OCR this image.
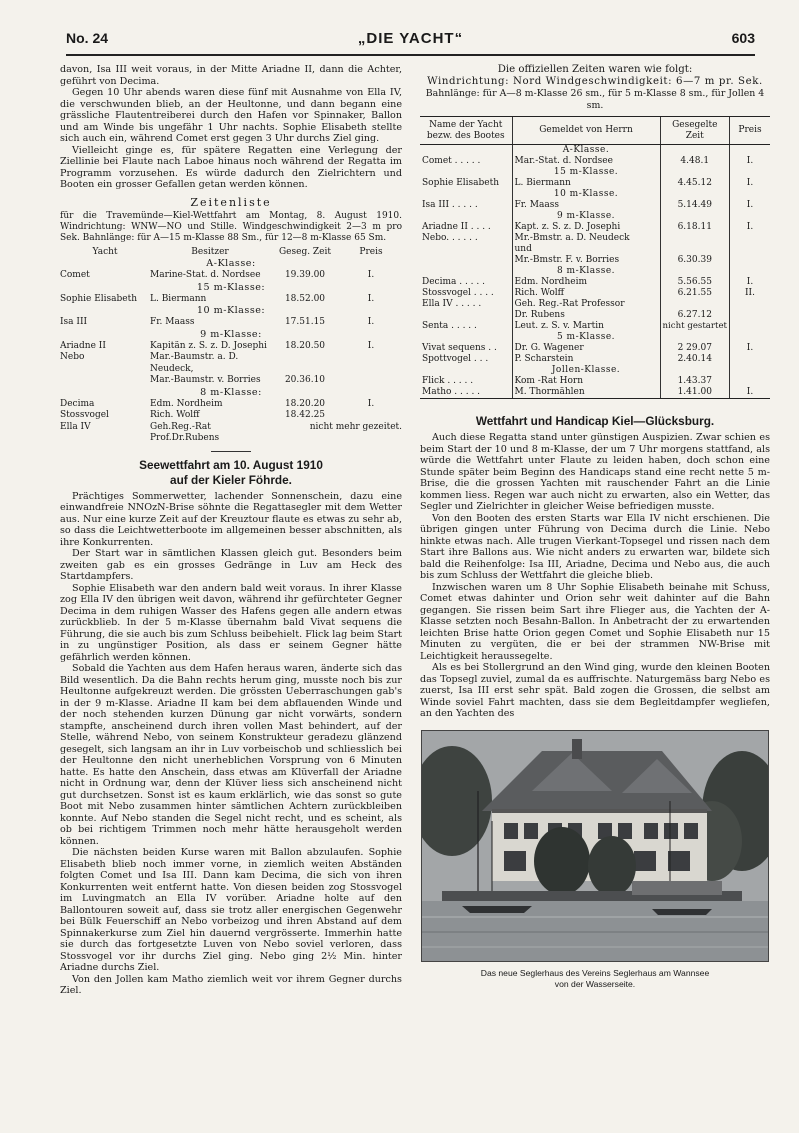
No. 24	„DIE YACHT“	603

davon, Isa III weit voraus, in der Mitte Ariadne II, dann die Achter, geführt von Decima.

Gegen 10 Uhr abends waren diese fünf mit Ausnahme von Ella IV, die verschwunden blieb, an der Heultonne, und dann begann eine grässliche Flautentreiberei durch den Hafen vor Spinnaker, Ballon und am Winde bis ungefähr 1 Uhr nachts. Sophie Elisabeth stellte sich auch ein, während Comet erst gegen 3 Uhr durchs Ziel ging.

Vielleicht ginge es, für spätere Regatten eine Verlegung der Ziellinie bei Flaute nach Laboe hinaus noch während der Regatta im Programm vorzusehen. Es würde dadurch den Zielrichtern und Booten ein grosser Gefallen getan werden können.

Zeitenliste

für die Travemünde—Kiel-Wettfahrt am Montag, 8. August 1910. Windrichtung: WNW—NO und Stille. Windgeschwindigkeit 2—3 m pro Sek. Bahnlänge: für A—15 m-Klasse 88 Sm., für 12—8 m-Klasse 65 Sm.

Yacht	Besitzer	Geseg. Zeit	Preis
A-Klasse:			
Comet	Marine-Stat. d. Nordsee	19.39.00	I.
15 m-Klasse:			
Sophie Elisabeth	L. Biermann	18.52.00	I.
10 m-Klasse:			
Isa III	Fr. Maass	17.51.15	I.
9 m-Klasse:			
Ariadne II	Kapitän z. S. z. D. Josephi	18.20.50	I.
Nebo	Mar.-Baumstr. a. D. Neudeck,		
	Mar.-Baumstr. v. Borries	20.36.10	
8 m-Klasse:			
Decima	Edm. Nordheim	18.20.20	I.
Stossvogel	Rich. Wolff	18.42.25	
Ella IV	Geh.Reg.-Rat Prof.Dr.Rubens	nicht mehr gezeitet.	
Seewettfahrt am 10. August 1910
auf der Kieler Föhrde.

Prächtiges Sommerwetter, lachender Sonnenschein, dazu eine einwandfreie NNOzN-Brise söhnte die Regattasegler mit dem Wetter aus. Nur eine kurze Zeit auf der Kreuztour flaute es etwas zu sehr ab, so dass die Leichtwetterboote im allgemeinen besser abschnitten, als ihre Konkurrenten.

Der Start war in sämtlichen Klassen gleich gut. Besonders beim zweiten gab es ein grosses Gedränge in Luv am Heck des Startdampfers.

Sophie Elisabeth war den andern bald weit voraus. In ihrer Klasse zog Ella IV den übrigen weit davon, während ihr gefürchteter Gegner Decima in dem ruhigen Wasser des Hafens gegen alle andern etwas zurückblieb. In der 5 m-Klasse übernahm bald Vivat sequens die Führung, die sie auch bis zum Schluss beibehielt. Flick lag beim Start in zu ungünstiger Position, als dass er seinem Gegner hätte gefährlich werden können.

Sobald die Yachten aus dem Hafen heraus waren, änderte sich das Bild wesentlich. Da die Bahn rechts herum ging, musste noch bis zur Heultonne aufgekreuzt werden. Die grössten Ueberraschungen gab's in der 9 m-Klasse. Ariadne II kam bei dem abflauenden Winde und der noch stehenden kurzen Dünung gar nicht vorwärts, sondern stampfte, anscheinend durch ihren vollen Mast behindert, auf der Stelle, während Nebo, von seinem Konstrukteur geradezu glänzend gesegelt, sich langsam an ihr in Luv vorbeischob und schliesslich bei der Heultonne den nicht unerheblichen Vorsprung von 6 Minuten hatte. Es hatte den Anschein, dass etwas am Klüverfall der Ariadne nicht in Ordnung war, denn der Klüver liess sich anscheinend nicht gut durchsetzen. Sonst ist es kaum erklärlich, wie das sonst so gute Boot mit Nebo zusammen hinter sämtlichen Achtern zurückbleiben konnte. Auf Nebo standen die Segel nicht recht, und es scheint, als ob bei richtigem Trimmen noch mehr hätte herausgeholt werden können.

Die nächsten beiden Kurse waren mit Ballon abzulaufen. Sophie Elisabeth blieb noch immer vorne, in ziemlich weiten Abständen folgten Comet und Isa III. Dann kam Decima, die sich von ihren Konkurrenten weit entfernt hatte. Von diesen beiden zog Stossvogel im Luvingmatch an Ella IV vorüber. Ariadne holte auf den Ballontouren soweit auf, dass sie trotz aller energischen Gegenwehr bei Bülk Feuerschiff an Nebo vorbeizog und ihren Abstand auf dem Spinnakerkurse zum Ziel hin dauernd vergrösserte. Immerhin hatte sie durch das fortgesetzte Luven von Nebo soviel verloren, dass Stossvogel vor ihr durchs Ziel ging. Nebo ging 2½ Min. hinter Ariadne durchs Ziel.

Von den Jollen kam Matho ziemlich weit vor ihrem Gegner durchs Ziel.

Die offiziellen Zeiten waren wie folgt:
Windrichtung: Nord Windgeschwindigkeit: 6—7 m pr. Sek.
Bahnlänge: für A—8 m-Klasse 26 sm., für 5 m-Klasse 8 sm., für Jollen 4 sm.
Name der Yacht bezw. des Bootes	Gemeldet von Herrn	Gesegelte Zeit	Preis
	A-Klasse.		
Comet . . . . .	Mar.-Stat. d. Nordsee	4.48.1	I.
	15 m-Klasse.		
Sophie Elisabeth	L. Biermann	4.45.12	I.
	10 m-Klasse.		
Isa III . . . . .	Fr. Maass	5.14.49	I.
	9 m-Klasse.		
Ariadne II . . . .	Kapt. z. S. z. D. Josephi	6.18.11	I.
Nebo. . . . . .	Mr.-Bmstr. a. D. Neudeck		
	und		
	Mr.-Bmstr. F. v. Borries	6.30.39	
	8 m-Klasse.		
Decima . . . . .	Edm. Nordheim	5.56.55	I.
Stossvogel . . . .	Rich. Wolff	6.21.55	II.
Ella IV . . . . .	Geh. Reg.-Rat Professor		
	Dr. Rubens	6.27.12	
Senta . . . . .	Leut. z. S. v. Martin	nicht gestartet	
	5 m-Klasse.		
Vivat sequens . .	Dr. G. Wagener	2 29.07	I.
Spottvogel . . .	P. Scharstein	2.40.14	
	Jollen-Klasse.		
Flick . . . . .	Kom -Rat Horn	1.43.37	
Matho . . . . .	M. Thormählen	1.41.00	I.
Wettfahrt und Handicap Kiel—Glücksburg.

Auch diese Regatta stand unter günstigen Auspizien. Zwar schien es beim Start der 10 und 8 m-Klasse, der um 7 Uhr morgens stattfand, als würde die Wettfahrt unter Flaute zu leiden haben, doch schon eine Stunde später beim Beginn des Handicaps stand eine recht nette 5 m-Brise, die die grossen Yachten mit rauschender Fahrt an die Linie kommen liess. Regen war auch nicht zu erwarten, also ein Wetter, das Segler und Zielrichter in gleicher Weise befriedigen musste.

Von den Booten des ersten Starts war Ella IV nicht erschienen. Die übrigen gingen unter Führung von Decima durch die Linie. Nebo hinkte etwas nach. Alle trugen Vierkant-Topsegel und rissen nach dem Start ihre Ballons aus. Wie nicht anders zu erwarten war, bildete sich bald die Reihenfolge: Isa III, Ariadne, Decima und Nebo aus, die auch bis zum Schluss der Wettfahrt die gleiche blieb.

Inzwischen waren um 8 Uhr Sophie Elisabeth beinahe mit Schuss, Comet etwas dahinter und Orion sehr weit dahinter auf die Bahn gegangen. Sie rissen beim Sart ihre Flieger aus, die Yachten der A-Klasse setzten noch Besahn-Ballon. In Anbetracht der zu erwartenden leichten Brise hatte Orion gegen Comet und Sophie Elisabeth nur 15 Minuten zu vergüten, die er bei der strammen NW-Brise mit Leichtigkeit heraussegelte.

Als es bei Stollergrund an den Wind ging, wurde den kleinen Booten das Topsegl zuviel, zumal da es auffrischte. Naturgemäss barg Nebo es zuerst, Isa III erst sehr spät. Bald zogen die Grossen, die selbst am Winde soviel Fahrt machten, dass sie dem Begleitdampfer wegliefen, an den Yachten des

Das neue Seglerhaus des Vereins Seglerhaus am Wannsee
von der Wasserseite.
